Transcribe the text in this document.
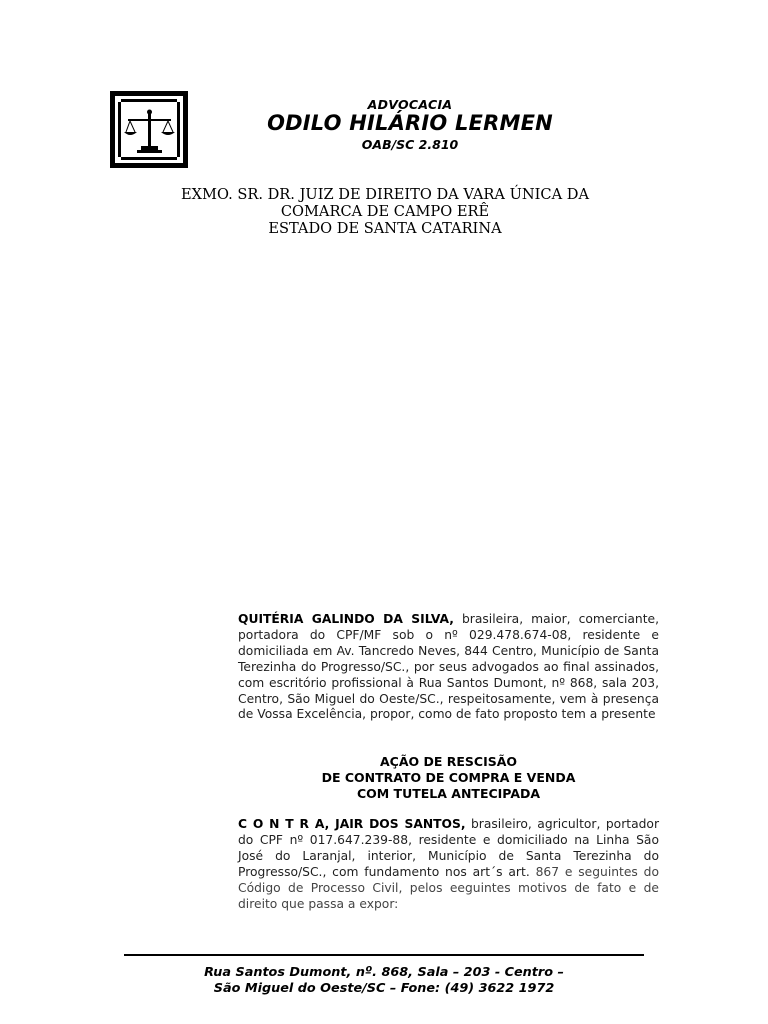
ADVOCACIA
ODILO HILÁRIO LERMEN
OAB/SC 2.810
EXMO. SR. DR. JUIZ DE DIREITO DA VARA ÚNICA DA
COMARCA DE CAMPO ERÊ
ESTADO DE SANTA CATARINA
QUITÉRIA GALINDO DA SILVA, brasileira, maior, comerciante, portadora do CPF/MF sob o nº 029.478.674-08, residente e domiciliada em Av. Tancredo Neves, 844 Centro, Município de Santa Terezinha do Progresso/SC., por seus advogados ao final assinados, com escritório profissional à Rua Santos Dumont, nº 868, sala 203, Centro, São Miguel do Oeste/SC., respeitosamente, vem à presença de Vossa Excelência, propor, como de fato proposto tem a presente
AÇÃO DE RESCISÃO
DE CONTRATO DE COMPRA E VENDA
COM TUTELA ANTECIPADA
C O N T R A, JAIR DOS SANTOS, brasileiro, agricultor, portador do CPF nº 017.647.239-88, residente e domiciliado na Linha São José do Laranjal, interior, Município de Santa Terezinha do Progresso/SC., com fundamento nos art´s art. 867 e seguintes do Código de Processo Civil, pelos eeguintes motivos de fato e de direito que passa a expor:
Rua Santos Dumont, nº. 868, Sala – 203 - Centro –
São Miguel do Oeste/SC – Fone: (49) 3622 1972
